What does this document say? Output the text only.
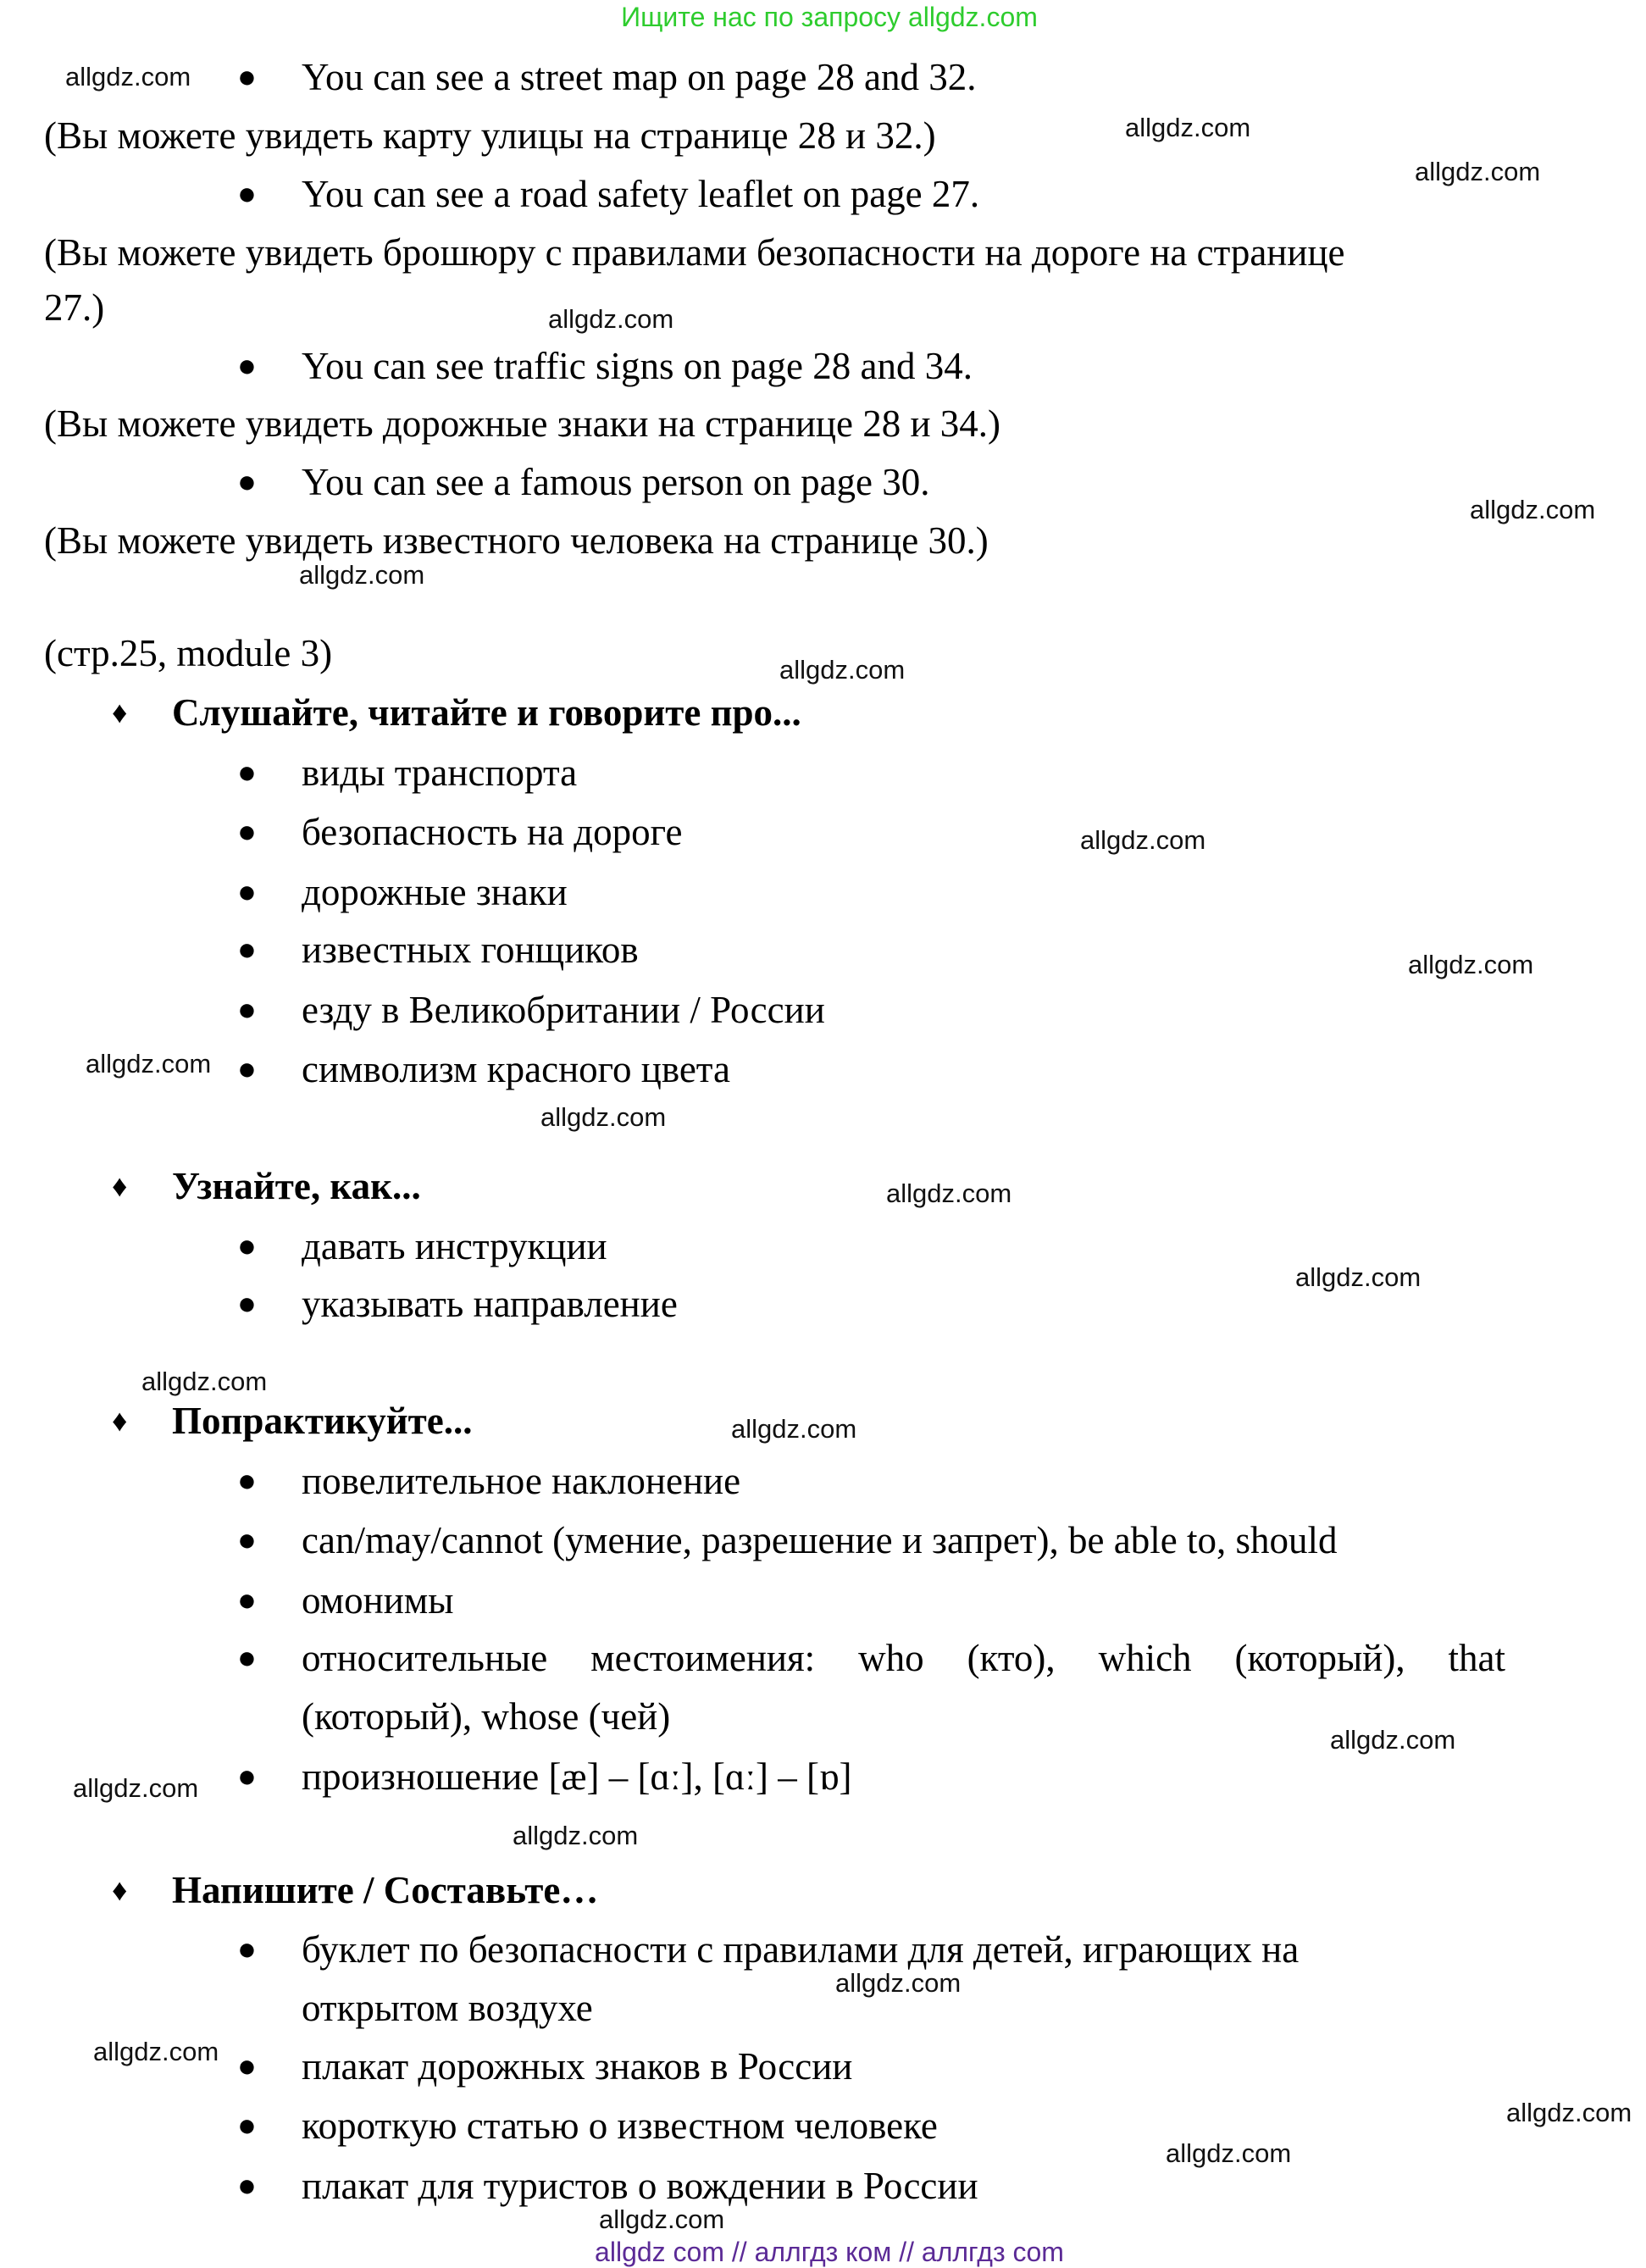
Ищите нас по запросу allgdz.com
● You can see a street map on page 28 and 32.
(Вы можете увидеть карту улицы на странице 28 и 32.)
● You can see a road safety leaflet on page 27.
(Вы можете увидеть брошюру с правилами безопасности на дороге на странице
27.)
● You can see traffic signs on page 28 and 34.
(Вы можете увидеть дорожные знаки на странице 28 и 34.)
● You can see a famous person on page 30.
(Вы можете увидеть известного человека на странице 30.)
(стр.25, module 3)
♦ Слушайте, читайте и говорите про...
● виды транспорта
● безопасность на дороге
● дорожные знаки
● известных гонщиков
● езду в Великобритании / России
● символизм красного цвета
♦ Узнайте, как...
● давать инструкции
● указывать направление
♦ Попрактикуйте...
● повелительное наклонение
● can/may/cannot (умение, разрешение и запрет), be able to, should
● омонимы
● относительные местоимения: who (кто), which (который), that
(который), whose (чей)
● произношение [æ] – [ɑː], [ɑː] – [ɒ]
♦ Напишите / Составьте…
● буклет по безопасности с правилами для детей, играющих на
открытом воздухе
● плакат дорожных знаков в России
● короткую статью о известном человеке
● плакат для туристов о вождении в России
allgdz.com
allgdz.com
allgdz.com
allgdz.com
allgdz.com
allgdz.com
allgdz.com
allgdz.com
allgdz.com
allgdz.com
allgdz.com
allgdz.com
allgdz.com
allgdz.com
allgdz.com
allgdz.com
allgdz.com
allgdz.com
allgdz.com
allgdz.com
allgdz.com
allgdz.com
allgdz.com
allgdz com // аллгдз ком // аллгдз com
